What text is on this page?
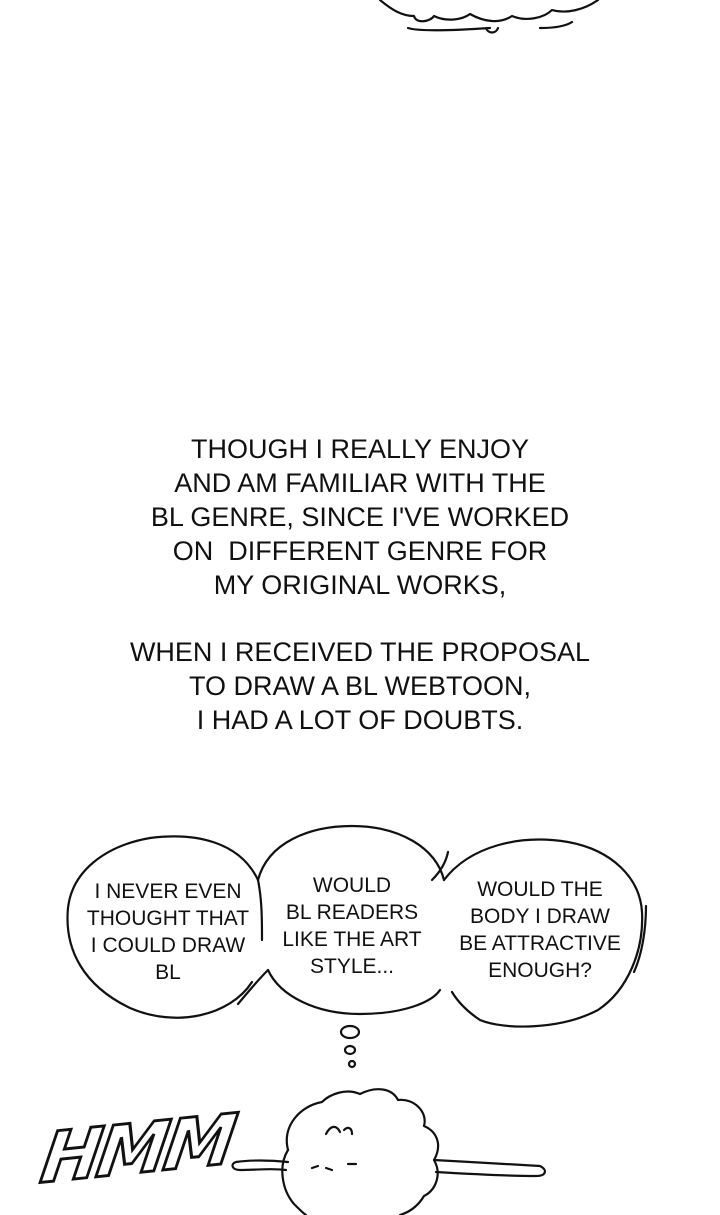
THOUGH I REALLY ENJOY
AND AM FAMILIAR WITH THE
BL GENRE, SINCE I'VE WORKED
ON  DIFFERENT GENRE FOR
MY ORIGINAL WORKS,
WHEN I RECEIVED THE PROPOSAL
TO DRAW A BL WEBTOON,
I HAD A LOT OF DOUBTS.
I NEVER EVEN
THOUGHT THAT
I COULD DRAW
BL
WOULD
BL READERS
LIKE THE ART
STYLE...
WOULD THE
BODY I DRAW
BE ATTRACTIVE
ENOUGH?
HMM
